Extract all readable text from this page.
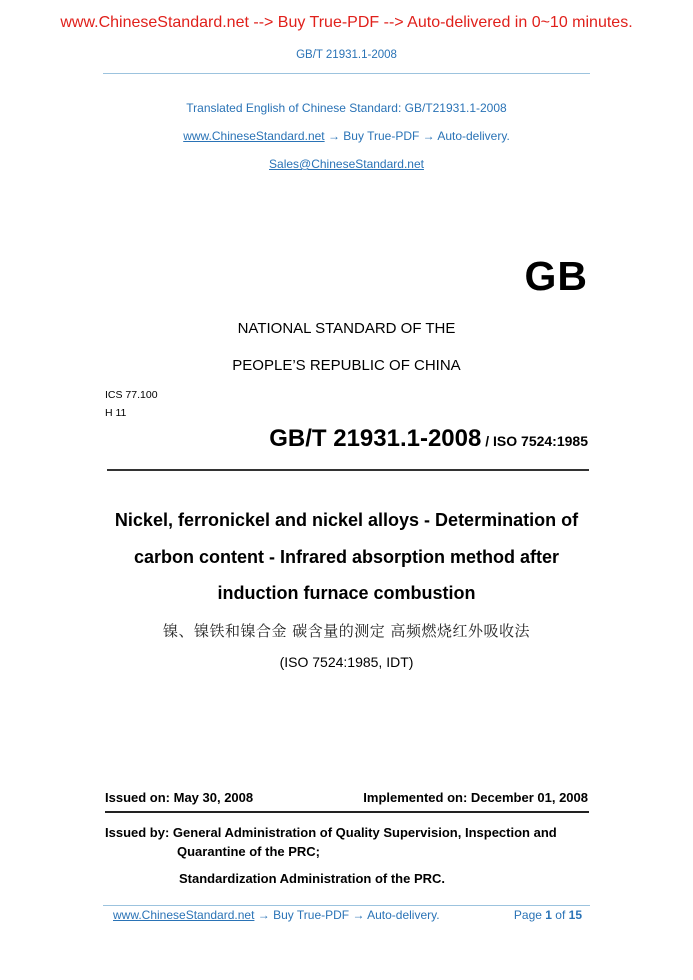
www.ChineseStandard.net --> Buy True-PDF --> Auto-delivered in 0~10 minutes.
GB/T 21931.1-2008
Translated English of Chinese Standard: GB/T21931.1-2008
www.ChineseStandard.net → Buy True-PDF → Auto-delivery.
Sales@ChineseStandard.net
GB
NATIONAL STANDARD OF THE
PEOPLE’S REPUBLIC OF CHINA
ICS 77.100
H 11
GB/T 21931.1-2008 / ISO 7524:1985
Nickel, ferronickel and nickel alloys - Determination of
carbon content - Infrared absorption method after
induction furnace combustion
镍、镍铁和镍合金 碳含量的测定 高频燃烧红外吸收法
(ISO 7524:1985, IDT)
Issued on: May 30, 2008	Implemented on: December 01, 2008
Issued by: General Administration of Quality Supervision, Inspection and
Quarantine of the PRC;
Standardization Administration of the PRC.
www.ChineseStandard.net → Buy True-PDF → Auto-delivery.	Page 1 of 15
